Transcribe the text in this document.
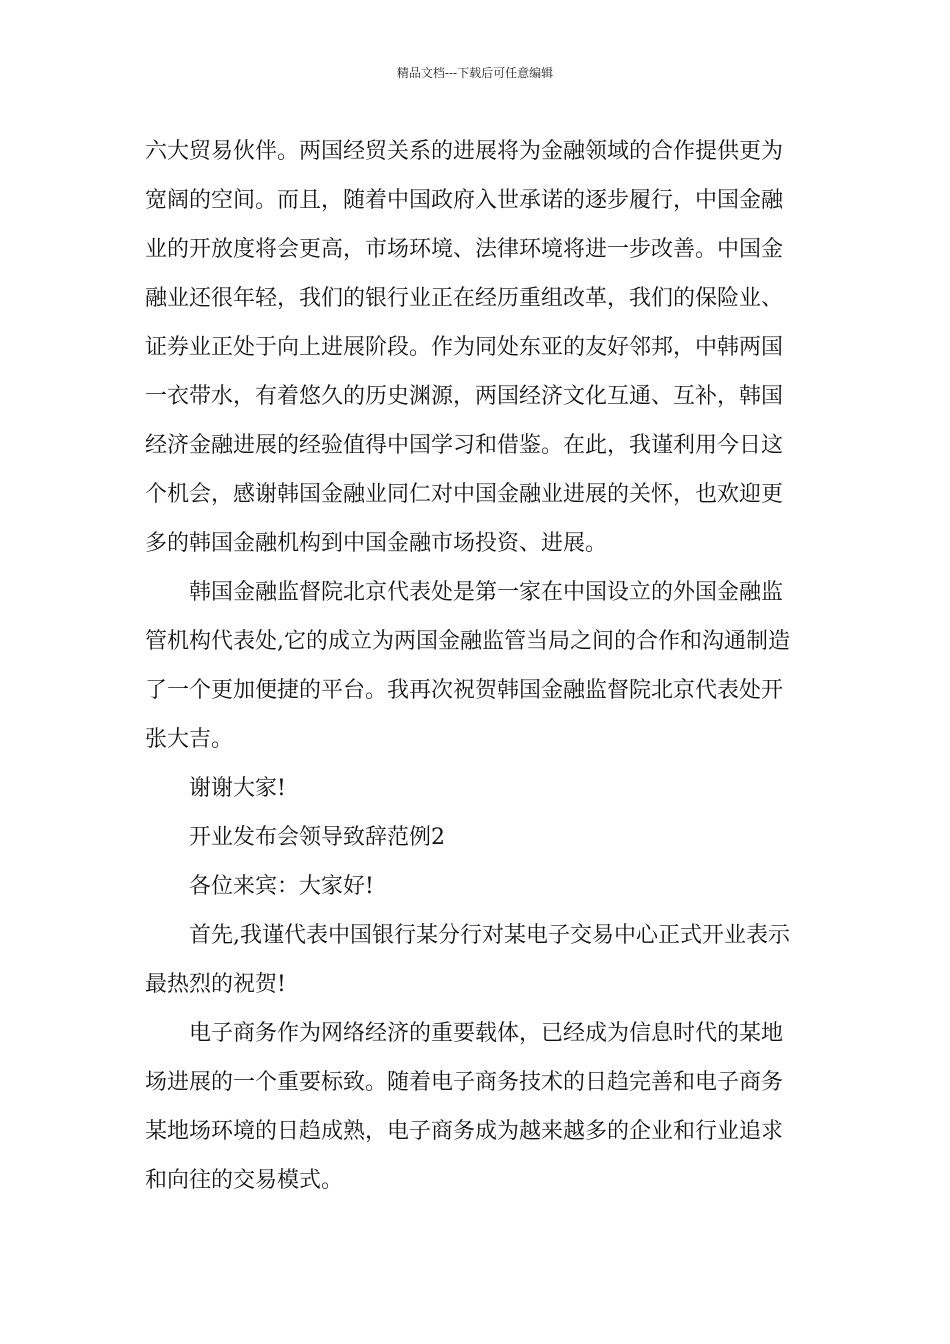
精品文档---下载后可任意编辑
六大贸易伙伴。两国经贸关系的进展将为金融领域的合作提供更为
宽阔的空间。而且，随着中国政府入世承诺的逐步履行，中国金融
业的开放度将会更高，市场环境、法律环境将进一步改善。中国金
融业还很年轻，我们的银行业正在经历重组改革，我们的保险业、
证券业正处于向上进展阶段。作为同处东亚的友好邻邦，中韩两国
一衣带水，有着悠久的历史渊源，两国经济文化互通、互补，韩国
经济金融进展的经验值得中国学习和借鉴。在此，我谨利用今日这
个机会，感谢韩国金融业同仁对中国金融业进展的关怀，也欢迎更
多的韩国金融机构到中国金融市场投资、进展。
韩国金融监督院北京代表处是第一家在中国设立的外国金融监
管机构代表处,它的成立为两国金融监管当局之间的合作和沟通制造
了一个更加便捷的平台。我再次祝贺韩国金融监督院北京代表处开
张大吉。
谢谢大家!
开业发布会领导致辞范例2
各位来宾：大家好!
首先,我谨代表中国银行某分行对某电子交易中心正式开业表示
最热烈的祝贺!
电子商务作为网络经济的重要载体，已经成为信息时代的某地
场进展的一个重要标致。随着电子商务技术的日趋完善和电子商务
某地场环境的日趋成熟，电子商务成为越来越多的企业和行业追求
和向往的交易模式。
